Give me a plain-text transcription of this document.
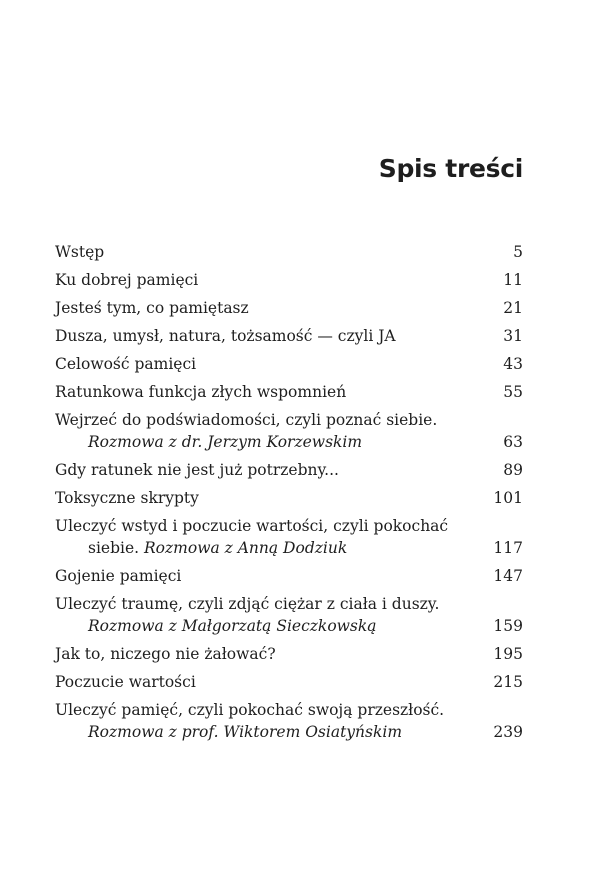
Spis treści
Wstęp	5
Ku dobrej pamięci	11
Jesteś tym, co pamiętasz	21
Dusza, umysł, natura, tożsamość — czyli JA	31
Celowość pamięci	43
Ratunkowa funkcja złych wspomnień	55
Wejrzeć do podświadomości, czyli poznać siebie.
Rozmowa z dr. Jerzym Korzewskim	63
Gdy ratunek nie jest już potrzebny...	89
Toksyczne skrypty	101
Uleczyć wstyd i poczucie wartości, czyli pokochać
siebie. Rozmowa z Anną Dodziuk	117
Gojenie pamięci	147
Uleczyć traumę, czyli zdjąć ciężar z ciała i duszy.
Rozmowa z Małgorzatą Sieczkowską	159
Jak to, niczego nie żałować?	195
Poczucie wartości	215
Uleczyć pamięć, czyli pokochać swoją przeszłość.
Rozmowa z prof. Wiktorem Osiatyńskim	239
